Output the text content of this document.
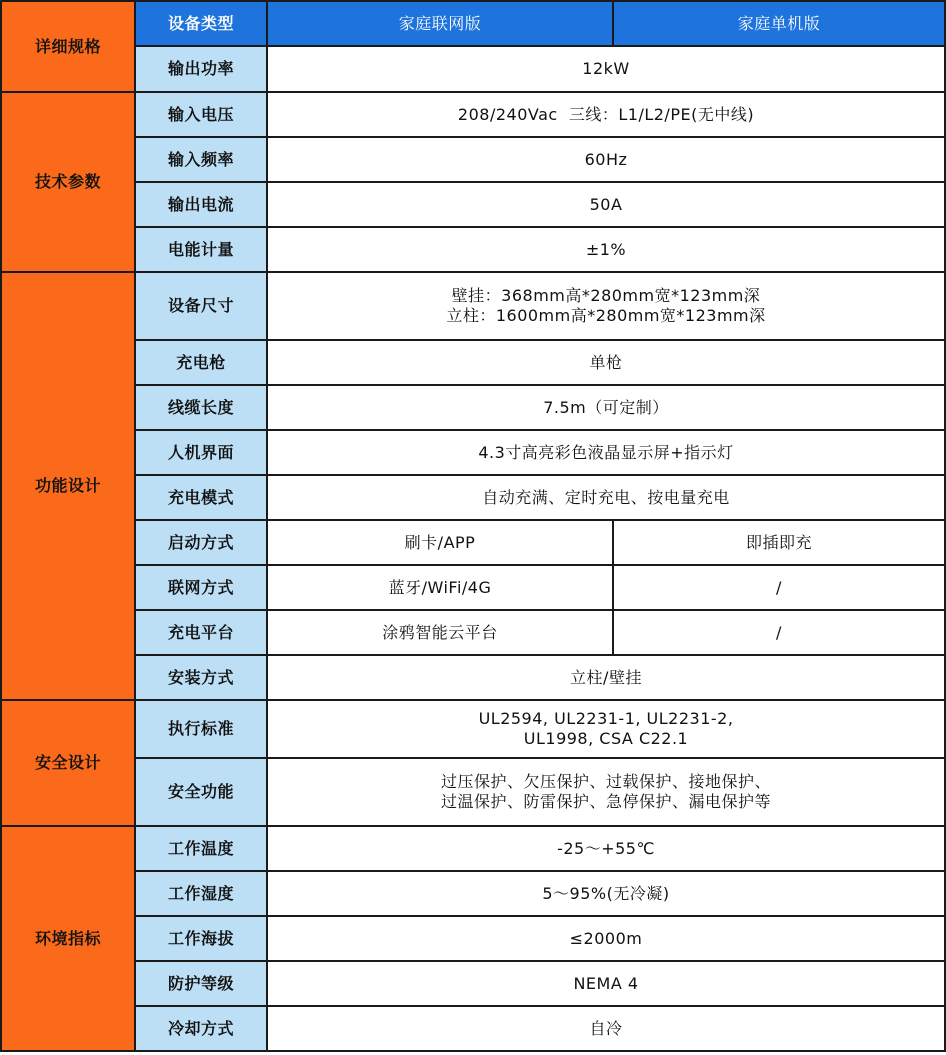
详细规格	设备类型	家庭联网版	家庭单机版
	输出功率	12kW	
技术参数	输入电压	208/240Vac  三线：L1/L2/PE(无中线)	
	输入频率	60Hz	
	输出电流	50A	
	电能计量	±1%	
功能设计	设备尺寸	壁挂：368mm高*280mm宽*123mm深
立柱：1600mm高*280mm宽*123mm深	

	充电枪	单枪	
	线缆长度	7.5m（可定制）	
	人机界面	4.3寸高亮彩色液晶显示屏+指示灯	
	充电模式	自动充满、定时充电、按电量充电	
	启动方式	刷卡/APP	即插即充
	联网方式	蓝牙/WiFi/4G	/
	充电平台	涂鸦智能云平台	/
	安装方式	立柱/壁挂	
安全设计	执行标准	UL2594, UL2231-1, UL2231-2,
UL1998, CSA C22.1	

	安全功能	过压保护、欠压保护、过载保护、接地保护、
过温保护、防雷保护、急停保护、漏电保护等	

环境指标	工作温度	-25～+55℃	
	工作湿度	5～95%(无冷凝)	
	工作海拔	≤2000m	
	防护等级	NEMA 4	
	冷却方式	自冷	
